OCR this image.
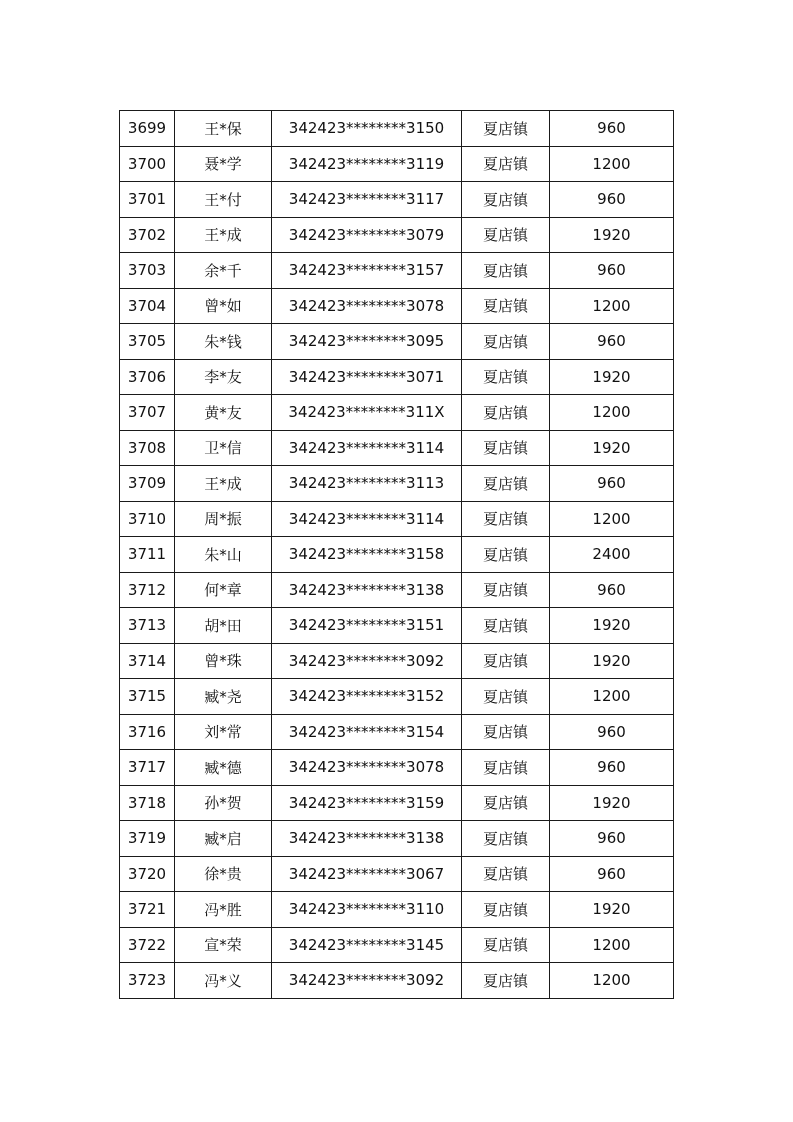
3699	王*保	342423********3150	夏店镇	960
3700	聂*学	342423********3119	夏店镇	1200
3701	王*付	342423********3117	夏店镇	960
3702	王*成	342423********3079	夏店镇	1920
3703	余*千	342423********3157	夏店镇	960
3704	曾*如	342423********3078	夏店镇	1200
3705	朱*钱	342423********3095	夏店镇	960
3706	李*友	342423********3071	夏店镇	1920
3707	黄*友	342423********311X	夏店镇	1200
3708	卫*信	342423********3114	夏店镇	1920
3709	王*成	342423********3113	夏店镇	960
3710	周*振	342423********3114	夏店镇	1200
3711	朱*山	342423********3158	夏店镇	2400
3712	何*章	342423********3138	夏店镇	960
3713	胡*田	342423********3151	夏店镇	1920
3714	曾*珠	342423********3092	夏店镇	1920
3715	臧*尧	342423********3152	夏店镇	1200
3716	刘*常	342423********3154	夏店镇	960
3717	臧*德	342423********3078	夏店镇	960
3718	孙*贺	342423********3159	夏店镇	1920
3719	臧*启	342423********3138	夏店镇	960
3720	徐*贵	342423********3067	夏店镇	960
3721	冯*胜	342423********3110	夏店镇	1920
3722	宣*荣	342423********3145	夏店镇	1200
3723	冯*义	342423********3092	夏店镇	1200
